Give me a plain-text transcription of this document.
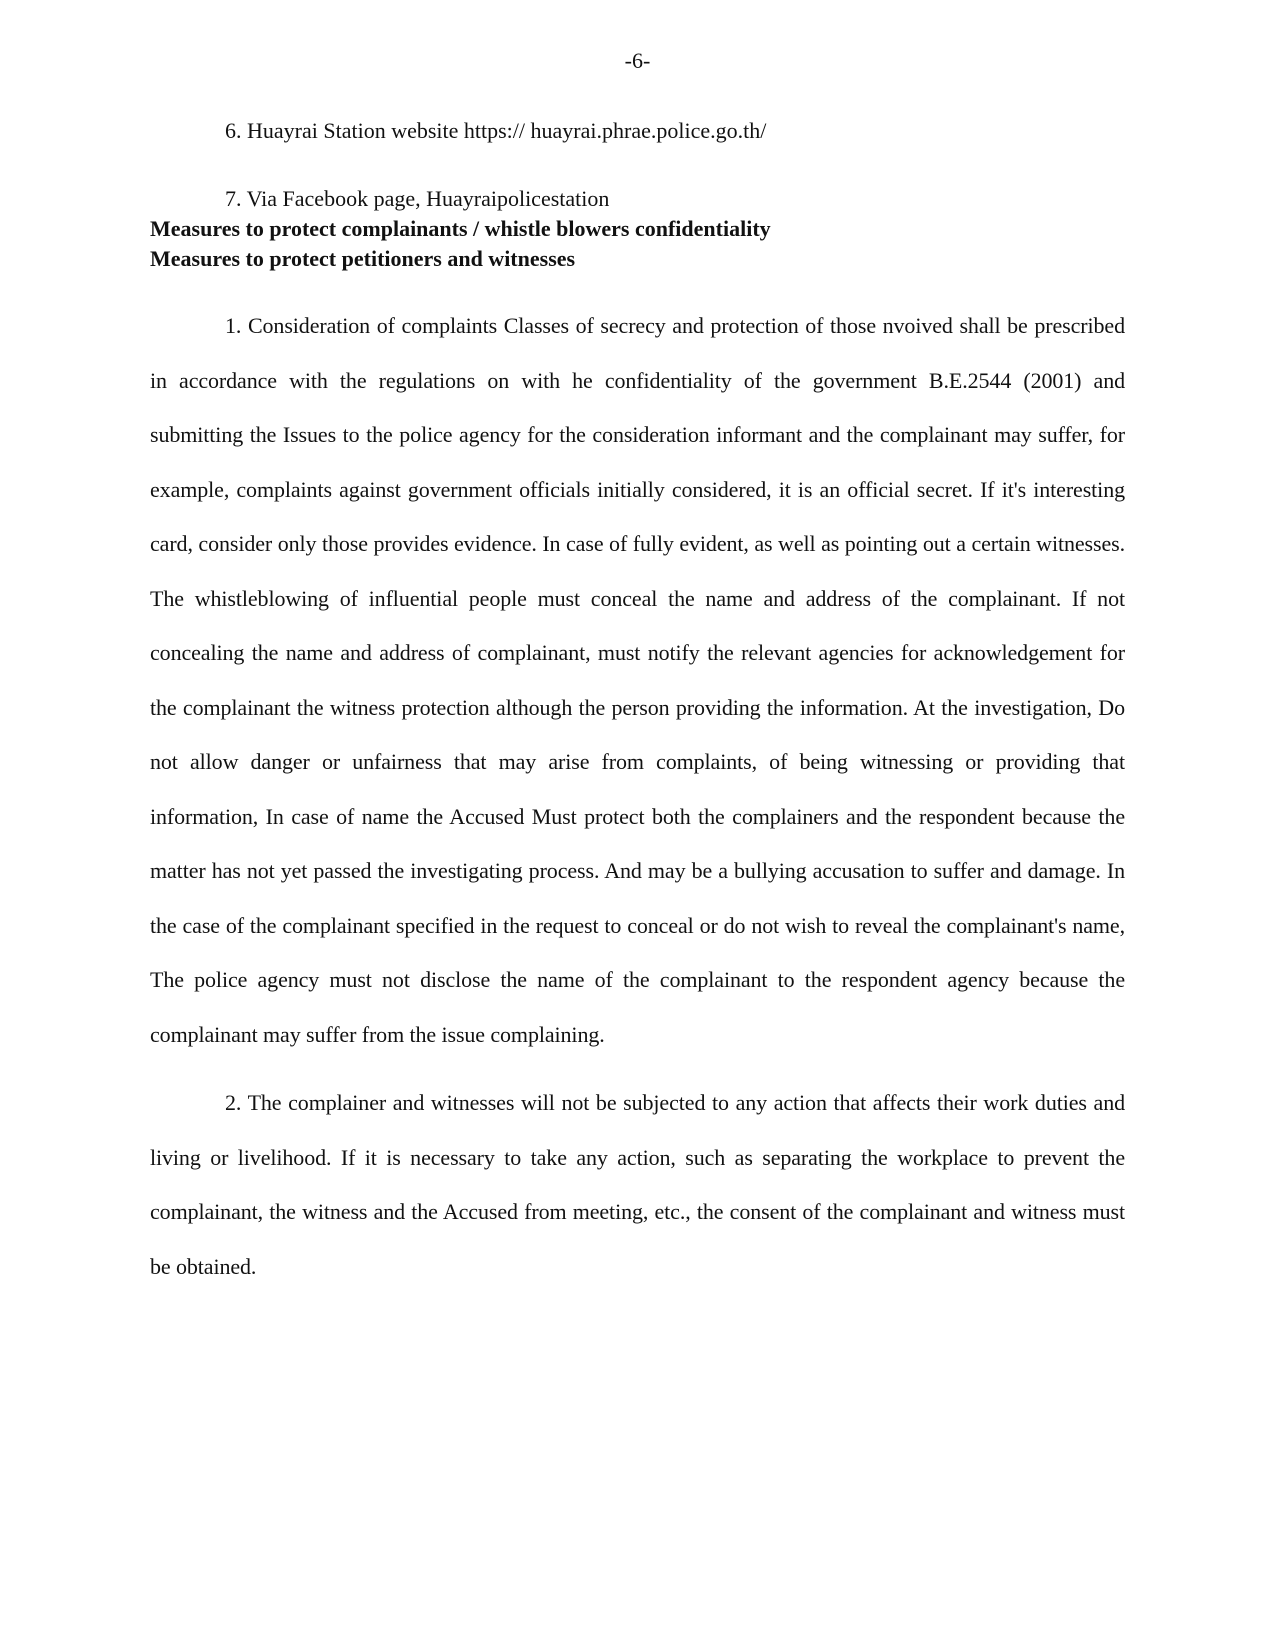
-6-

6. Huayrai Station website https:// huayrai.phrae.police.go.th/

7. Via Facebook page, Huayraipolicestation

Measures to protect complainants / whistle blowers confidentiality

Measures to protect petitioners and witnesses

1. Consideration of complaints Classes of secrecy and protection of those nvoived shall be prescribed in accordance with the regulations on with he confidentiality of the government B.E.2544 (2001) and submitting the Issues to the police agency for the consideration informant and the complainant may suffer, for example, complaints against government officials initially considered, it is an official secret. If it's interesting card, consider only those provides evidence. In case of fully evident, as well as pointing out a certain witnesses. The whistleblowing of influential people must conceal the name and address of the complainant. If not concealing the name and address of complainant, must notify the relevant agencies for acknowledgement for the complainant the witness protection although the person providing the information. At the investigation, Do not allow danger or unfairness that may arise from complaints, of being witnessing or providing that information, In case of name the Accused Must protect both the complainers and the respondent because the matter has not yet passed the investigating process. And may be a bullying accusation to suffer and damage. In the case of the complainant specified in the request to conceal or do not wish to reveal the complainant's name, The police agency must not disclose the name of the complainant to the respondent agency because the complainant may suffer from the issue complaining.

2. The complainer and witnesses will not be subjected to any action that affects their work duties and living or livelihood. If it is necessary to take any action, such as separating the workplace to prevent the complainant, the witness and the Accused from meeting, etc., the consent of the complainant and witness must be obtained.
